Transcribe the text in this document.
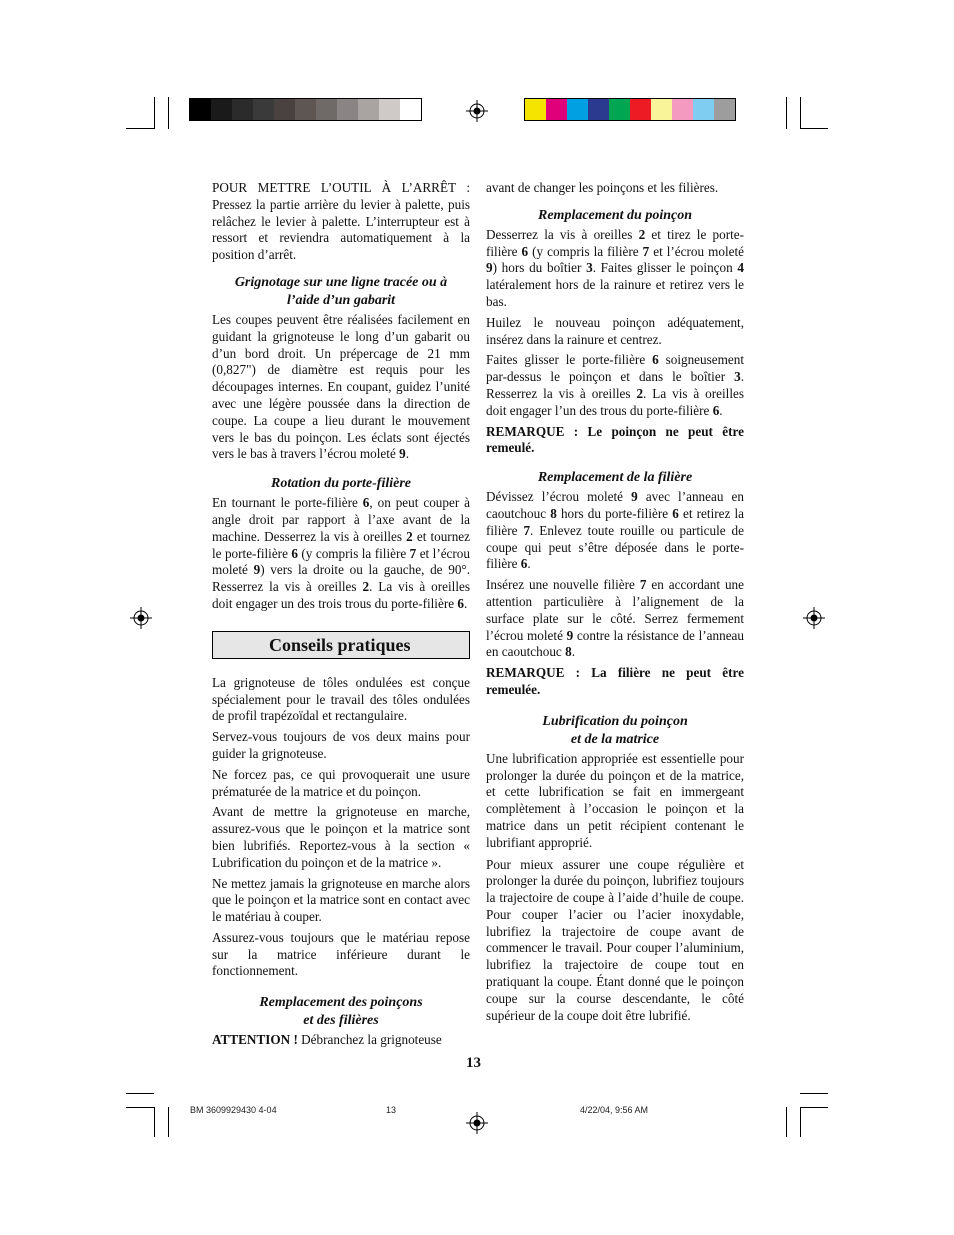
POUR METTRE L’OUTIL À L’ARRÊT : Pressez la partie arrière du levier à palette, puis relâchez le levier à palette. L’interrupteur est à ressort et reviendra automatiquement à la position d’arrêt.

Grignotage sur une ligne tracée ou à
l’aide d’un gabarit

Les coupes peuvent être réalisées facilement en guidant la grignoteuse le long d’un gabarit ou d’un bord droit. Un prépercage de 21 mm (0,827") de diamètre est requis pour les découpages internes. En coupant, guidez l’unité avec une légère poussée dans la direction de coupe. La coupe a lieu durant le mouvement vers le bas du poinçon. Les éclats sont éjectés vers le bas à travers l’écrou moleté 9.

Rotation du porte-filière

En tournant le porte-filière 6, on peut couper à angle droit par rapport à l’axe avant de la machine. Desserrez la vis à oreilles 2 et tournez le porte-filière 6 (y compris la filière 7 et l’écrou moleté 9) vers la droite ou la gauche, de 90°. Resserrez la vis à oreilles 2. La vis à oreilles doit engager un des trois trous du porte-filière 6.

Conseils pratiques

La grignoteuse de tôles ondulées est conçue spécialement pour le travail des tôles ondulées de profil trapézoïdal et rectangulaire.

Servez-vous toujours de vos deux mains pour guider la grignoteuse.

Ne forcez pas, ce qui provoquerait une usure prématurée de la matrice et du poinçon.

Avant de mettre la grignoteuse en marche, assurez-vous que le poinçon et la matrice sont bien lubrifiés. Reportez-vous à la section « Lubrification du poinçon et de la matrice ».

Ne mettez jamais la grignoteuse en marche alors que le poinçon et la matrice sont en contact avec le matériau à couper.

Assurez-vous toujours que le matériau repose sur la matrice inférieure durant le fonctionnement.

Remplacement des poinçons
et des filières

ATTENTION ! Débranchez la grignoteuse

avant de changer les poinçons et les filières.

Remplacement du poinçon

Desserrez la vis à oreilles 2 et tirez le porte-filière 6 (y compris la filière 7 et l’écrou moleté 9) hors du boîtier 3. Faites glisser le poinçon 4 latéralement hors de la rainure et retirez vers le bas.

Huilez le nouveau poinçon adéquatement, insérez dans la rainure et centrez.

Faites glisser le porte-filière 6 soigneusement par-dessus le poinçon et dans le boîtier 3. Resserrez la vis à oreilles 2. La vis à oreilles doit engager l’un des trous du porte-filière 6.

REMARQUE : Le poinçon ne peut être remeulé.

Remplacement de la filière

Dévissez l’écrou moleté 9 avec l’anneau en caoutchouc 8 hors du porte-filière 6 et retirez la filière 7. Enlevez toute rouille ou particule de coupe qui peut s’être déposée dans le porte-filière 6.

Insérez une nouvelle filière 7 en accordant une attention particulière à l’alignement de la surface plate sur le côté. Serrez fermement l’écrou moleté 9 contre la résistance de l’anneau en caoutchouc 8.

REMARQUE : La filière ne peut être remeulée.

Lubrification du poinçon
et de la matrice

Une lubrification appropriée est essentielle pour prolonger la durée du poinçon et de la matrice, et cette lubrification se fait en immergeant complètement à l’occasion le poinçon et la matrice dans un petit récipient contenant le lubrifiant approprié.

Pour mieux assurer une coupe régulière et prolonger la durée du poinçon, lubrifiez toujours la trajectoire de coupe à l’aide d’huile de coupe. Pour couper l’acier ou l’acier inoxydable, lubrifiez la trajectoire de coupe avant de commencer le travail. Pour couper l’aluminium, lubrifiez la trajectoire de coupe tout en pratiquant la coupe. Étant donné que le poinçon coupe sur la course descendante, le côté supérieur de la coupe doit être lubrifié.

13
BM 3609929430 4-04	13	4/22/04, 9:56 AM
